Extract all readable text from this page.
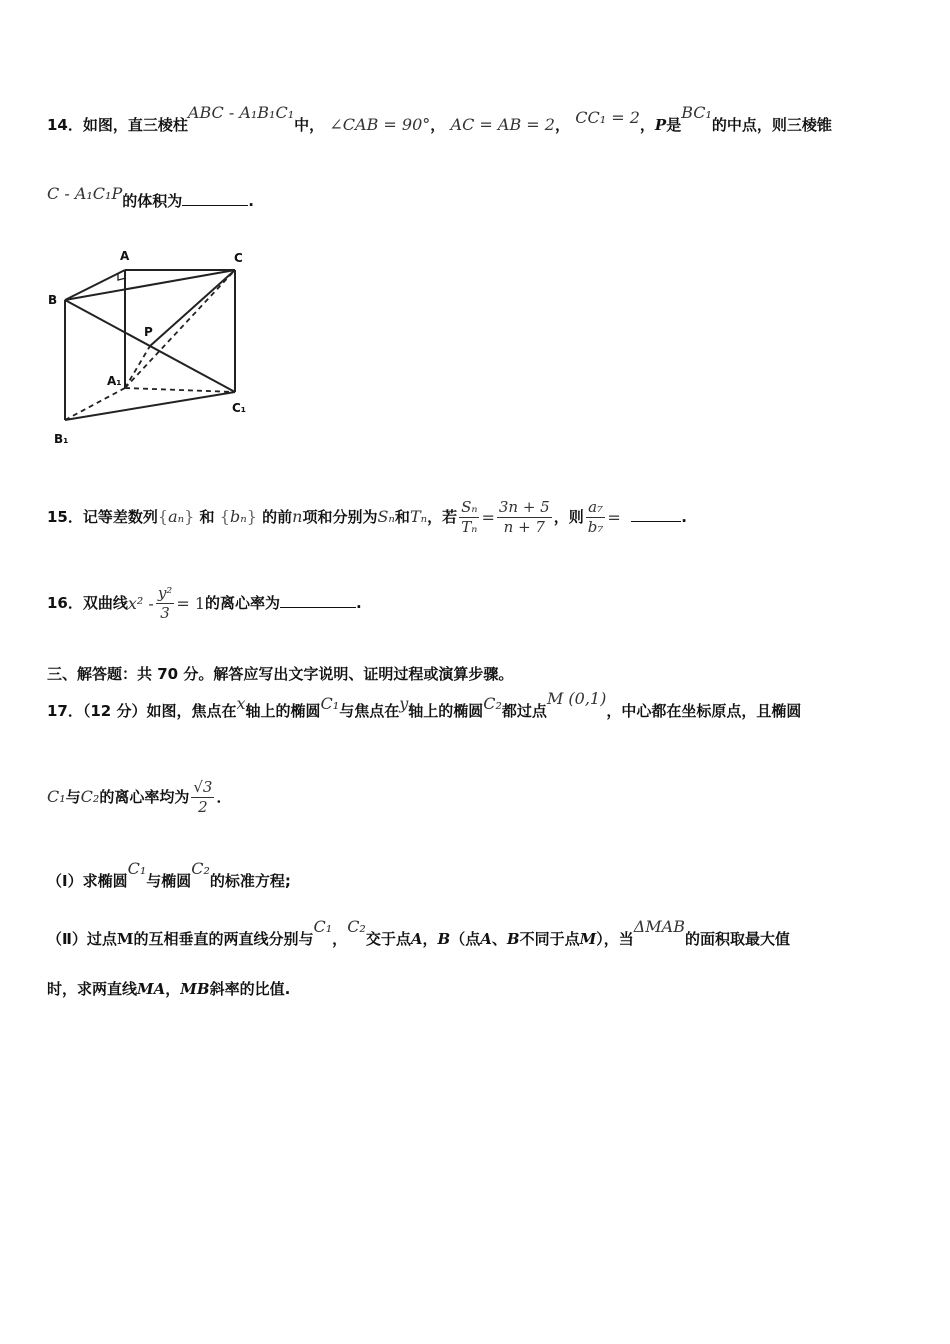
14．如图，直三棱柱ABC - A₁B₁C₁中， ∠CAB = 90°， AC = AB = 2， CC₁ = 2，P是BC₁的中点，则三棱锥
C - A₁C₁P的体积为	.
A	C
B
P
A₁
C₁
B₁
15．记等差数列{aₙ} 和 {bₙ} 的前n项和分别为Sₙ和Tₙ，若 $\frac{\text{Sₙ}}{\text{Tₙ}} = \frac{3n + 5}{n + 7}$ ，则 $\frac{\text{a₇}}{\text{b₇}}$ =	.
16．双曲线$x^2 - \frac{\text{y²}}{3} = 1$的离心率为	.
三、解答题：共 70 分。解答应写出文字说明、证明过程或演算步骤。
17．（12 分）如图，焦点在x轴上的椭圆C₁与焦点在y轴上的椭圆C₂都过点M (0,1)，中心都在坐标原点，且椭圆
C₁与C₂的离心率均为 $\frac{√3}{2}$ ．
（Ⅰ）求椭圆C₁与椭圆C₂的标准方程;
（Ⅱ）过点M的互相垂直的两直线分别与C₁，C₂交于点A，B（点A、B不同于点M），当ΔMAB的面积取最大值
时，求两直线MA，MB斜率的比值.
